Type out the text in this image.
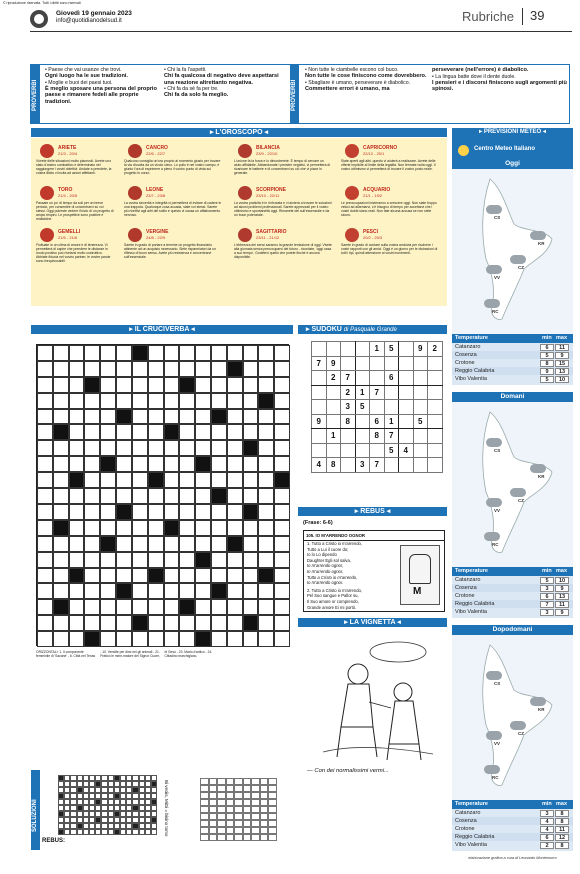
© riproduzione riservata. Tutti i diritti sono riservati
Giovedì 19 gennaio 2023
info@quotidianodelsud.it	Rubriche 39
PROVERBI
• Paese che vai usanze che trovi.
Ogni luogo ha le sue tradizioni.
• Moglie e buoi dei paesi tuoi.
È meglio sposare una persona del proprio paese e rimanere fedeli alle proprie tradizioni.
• Chi la fa l'aspetti.
Chi fa qualcosa di negativo deve aspettarsi una reazione altrettanto negativa.
• Chi fa da sé fa per tre.
Chi fa da solo fa meglio.	PROVERBI
• Non tutte le ciambelle escono col buco.
Non tutte le cose finiscono come dovrebbero.
• Sbagliare è umano, perseverare è diabolico.
Commettere errori è umano, ma
perseverare (nell'errore) è diabolico.
• La lingua batte dove il dente duole.
I pensieri e i discorsi finiscono sugli argomenti più spinosi.
▸ L'OROSCOPO ◂
ARIETE
21/3 - 20/4
Vivrete delle situazioni molto piacevoli. Avrete uno stato d'animo combattivo e determinato nel raggiungere i vostri obiettivi. Andate a prendete, la vostra libido vi incita ad azioni affettanti.
TORO
21/4 - 20/5
Passate un po' di tempo da soli per un breve periodo, per consentire di concentrarvi su voi stessi. Oggi potreste vedere l'inizio di un progetto di ampio respiro. Le prospettive sono positive e realistiche.
GEMELLI
21/5 - 21/6
Fluttuate in un clima di amore e di tenerezza. Vi permetterà di capire che prendere le distanze in modo positivo può rivelarsi molto costruttivo. Abbiate fiducia nel vostro partner, le vostre parole sono inequivocabili.
CANCRO
22/6 - 22/7
Qualcuno consiglia un'ora proprio al momento giusto per trovare la via d'uscita da un vicolo cieco. Lo pollo è nel vostro campo, è giunto l'ora di esprimere a pieno il vostro punto di vista sul progetto in corso.
LEONE
23/7 - 23/8
La vostra sincerità e integrità vi permetterà di evitare di cadere in una trappola. Qualunque cosa accada, siate voi stessi. Sarete più ricettivi agli altri del solito e questo vi causa un affaticamento nervoso.
VERGINE
24/8 - 22/9
Sarete in grado di portare a termine un progetto finanziario attinente ad un acquisto necessario. Siete risparmiatori da un riflesso di buon senso. Avete più resistenza e concentrarvi sull'essenziale.
BILANCIA
23/9 - 22/10
L'unione fa la forza e lo dimostrerete. È tempo di cercare un aiuto affidabile. Abbandonate i pensieri negativi, vi permetterà di ricaricare le batterie e di concentrarvi su ciò che vi piace in generale.
SCORPIONE
23/10 - 22/11
La vostra praticità è in rinforzata e vi aiuterà a trovare le soluzioni ad alcuni problemi professionali. Sarete apprezzati per il vostro ottimismo e spontaneità oggi. Rimanete dei sull'essenziale e da un buon potenziale.
SAGITTARIO
23/11 - 21/12
L'ebbrezza dei sensi saranno la grande tentazione di oggi. Vivete alla giornata senza preoccuparvi del futuro - ricordate, 'oggi casa a suo tempo'. Godetevi quello che potete finché è ancora disponibile.
CAPRICORNO
22/12 - 20/1
Siate aperti agli altri, questo vi aiuterà a realizzare. Avrete delle offerte implicite al limite della legalità. Non fermate nulla oggi. Il vostro ottimismo vi permetterà di trovare il vostro posto reale.
ACQUARIO
21/1 - 19/2
Le preoccupazioni inizieranno a crescere oggi. Non siate troppo veloci ad allarmarvi, c'è bisogno di tempo per accettarvi che i vostri dubbi siano reali. Non fate alcuna accusa se non siete sicuro.
PESCI
20/2 - 20/3
Sarete in grado di contare sulla vostra amicizia per risolvere i vostri rapporti con gli amici. Oggi è un giorno per le distrazioni di tutti i tipi, quindi attenzione ai vostri movimenti.
▸ IL CRUCIVERBA ◂
ORIZZONTALI: 1. Il componente femminile di 'Sacane' - 6. Città nel Texas - 10. Vendite per dirsi nei gli animali - 21. Praticò le mine-matore del Signor Cuore, di Gesù - 23. Mario d'antico - 24. Cittadino marchigiano.
▸ SUDOKU di Pasquale Grande
				1	5		9	2
7	9							
	2	7			6			
		2	1	7				
		3	5					
9		8		6	1		5	
	1			8	7			
					5	4		
4	8		3	7				
▸ REBUS ◂
(Frase: 6-6)
105. IO M'ARRENDO OGNOR
1. Tutto a Cristo io m'arrendo,
Tutto a Lui il cuore do;
Io lo Lo dipendo
Daughter Egli sol salva.
Io m'arrendo ognor,
Io m'arrendo ognor,
Tutto a Cristo io m'arrendo,
Io m'arrendo ognor.
2. Tutto a Cristo io m'arrendo,
Pel Suo sangue e Pallor su,
Il Suo amore or comprendo,
Grande amore Ei mi portò.
M
▸ LA VIGNETTA ◂
— Con dei normalissimi vermi...
SOLUZIONI
REBUS:
Bi veciis, MiGi = bisino tomo
▸ PREVISIONI METEO ◂
Centro Meteo Italiano
Oggi
CS
KR
CZ
VV
RC
Temperature	min max
Catanzaro	6	11
Cosenza	5	9
Crotone	8	15
Reggio Calabria	9	13
Vibo Valentia	5	10
Domani
CS
KR
CZ
VV
RC
Temperature	min max
Catanzaro	5	10
Cosenza	3	9
Crotone	6	13
Reggio Calabria	7	11
Vibo Valentia	3	9
Dopodomani
CS
KR
CZ
VV
RC
Temperature	min max
Catanzaro	3	8
Cosenza	4	8
Crotone	4	11
Reggio Calabria	6	12
Vibo Valentia	2	8
elaborazione grafica a cura di Leonardo Montemurro
